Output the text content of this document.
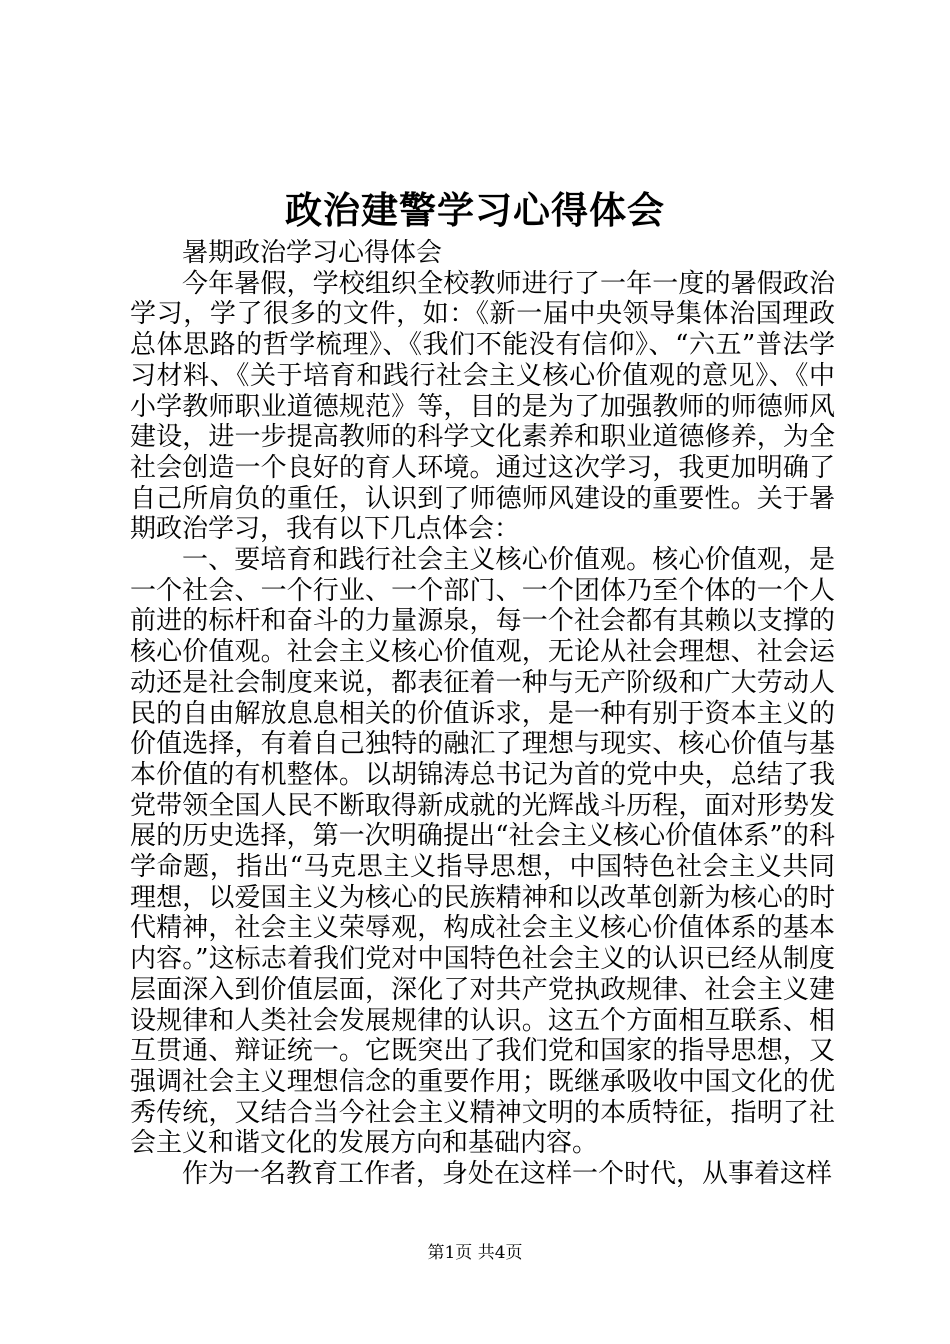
政治建警学习心得体会

暑期政治学习心得体会

今年暑假，学校组织全校教师进行了一年一度的暑假政治学习，学了很多的文件，如：《新一届中央领导集体治国理政总体思路的哲学梳理》、《我们不能没有信仰》、“六五”普法学习材料、《关于培育和践行社会主义核心价值观的意见》、《中小学教师职业道德规范》等，目的是为了加强教师的师德师风建设，进一步提高教师的科学文化素养和职业道德修养，为全社会创造一个良好的育人环境。通过这次学习，我更加明确了自己所肩负的重任，认识到了师德师风建设的重要性。关于暑期政治学习，我有以下几点体会：

一、要培育和践行社会主义核心价值观。核心价值观，是一个社会、一个行业、一个部门、一个团体乃至个体的一个人前进的标杆和奋斗的力量源泉，每一个社会都有其赖以支撑的核心价值观。社会主义核心价值观，无论从社会理想、社会运动还是社会制度来说，都表征着一种与无产阶级和广大劳动人民的自由解放息息相关的价值诉求，是一种有别于资本主义的价值选择，有着自己独特的融汇了理想与现实、核心价值与基本价值的有机整体。以胡锦涛总书记为首的党中央，总结了我党带领全国人民不断取得新成就的光辉战斗历程，面对形势发展的历史选择，第一次明确提出“社会主义核心价值体系”的科学命题，指出“马克思主义指导思想，中国特色社会主义共同理想，以爱国主义为核心的民族精神和以改革创新为核心的时代精神，社会主义荣辱观，构成社会主义核心价值体系的基本内容。”这标志着我们党对中国特色社会主义的认识已经从制度层面深入到价值层面，深化了对共产党执政规律、社会主义建设规律和人类社会发展规律的认识。这五个方面相互联系、相互贯通、辩证统一。它既突出了我们党和国家的指导思想，又强调社会主义理想信念的重要作用；既继承吸收中国文化的优秀传统，又结合当今社会主义精神文明的本质特征，指明了社会主义和谐文化的发展方向和基础内容。

作为一名教育工作者，身处在这样一个时代，从事着这样

第1页 共4页
